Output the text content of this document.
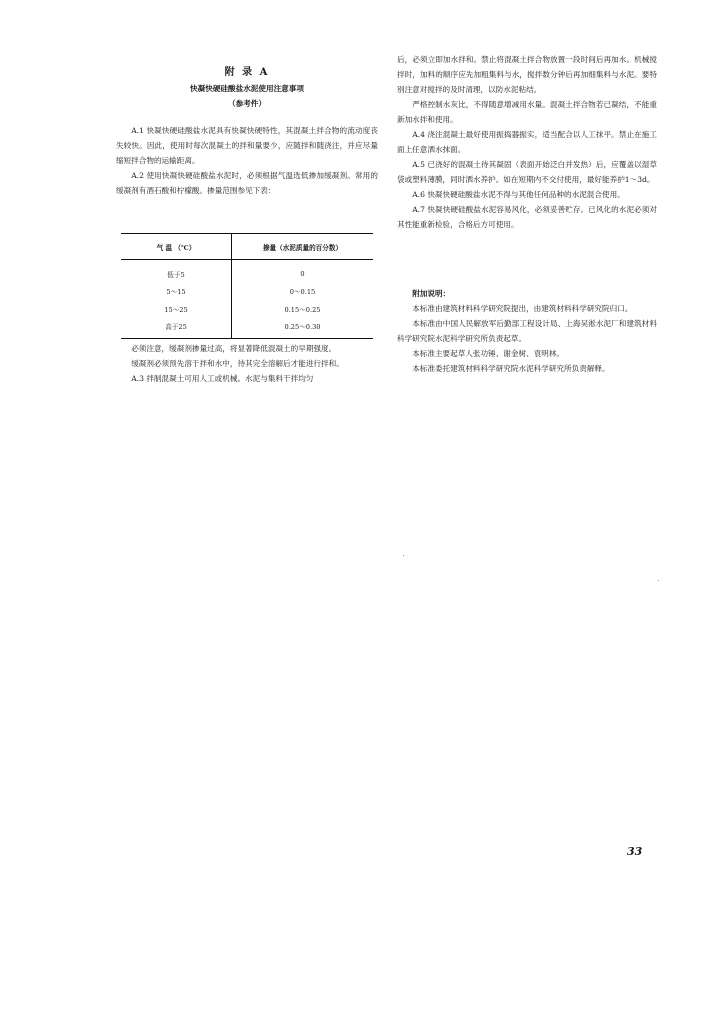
附 录 A
快凝快硬硅酸盐水泥使用注意事项
（参考件）

A.1 快凝快硬硅酸盐水泥具有快凝快硬特性，其混凝土拌合物的流动度丧失较快。因此，使用时每次混凝土的拌和量要少，应随拌和随浇注，并应尽量缩短拌合物的运输距离。

A.2 使用快凝快硬硅酸盐水泥时，必须根据气温选低掺加缓凝剂。常用的缓凝剂有酒石酸和柠檬酸。掺量范围参见下表：

气 温 （℃）	掺量（水泥质量的百分数）
低于5	0
5～15	0～0.15
15～25	0.15～0.25
高于25	0.25～0.30

必须注意，缓凝剂掺量过高，将显著降低混凝土的早期强度。

缓凝剂必须预先溶于拌和水中，待其完全溶解后才能进行拌和。

A.3 拌制混凝土可用人工或机械。水泥与集料干拌均匀

后，必须立即加水拌和。禁止将混凝土拌合物放置一段时间后再加水。机械搅拌时，加料的顺序应先加粗集料与水，搅拌数分钟后再加细集料与水泥。要特别注意对搅拌的及时清理，以防水泥粘结。

严格控制水灰比，不得随意增减用水量。混凝土拌合物若已凝结，不能重新加水拌和使用。

A.4 浇注混凝土最好使用振捣器振实，适当配合以人工抹平。禁止在施工面上任意洒水抹面。

A.5 已浇好的混凝土待其凝固（表面开始泛白并发热）后，应覆盖以湿草袋或塑料薄膜，同时洒水养护。如在短期内不交付使用，最好能养护1～3d。

A.6 快凝快硬硅酸盐水泥不得与其他任何品种的水泥混合使用。

A.7 快凝快硬硅酸盐水泥容易风化，必须妥善贮存。已风化的水泥必须对其性能重新检验，合格后方可使用。

附加说明：

本标准由建筑材料科学研究院提出，由建筑材料科学研究院归口。

本标准由中国人民解放军后勤部工程设计局、上海吴淞水泥厂和建筑材料科学研究院水泥科学研究所负责起草。

本标准主要起草人张功锤、谢金树、袁明林。

本标准委托建筑材料科学研究院水泥科学研究所负责解释。

33
